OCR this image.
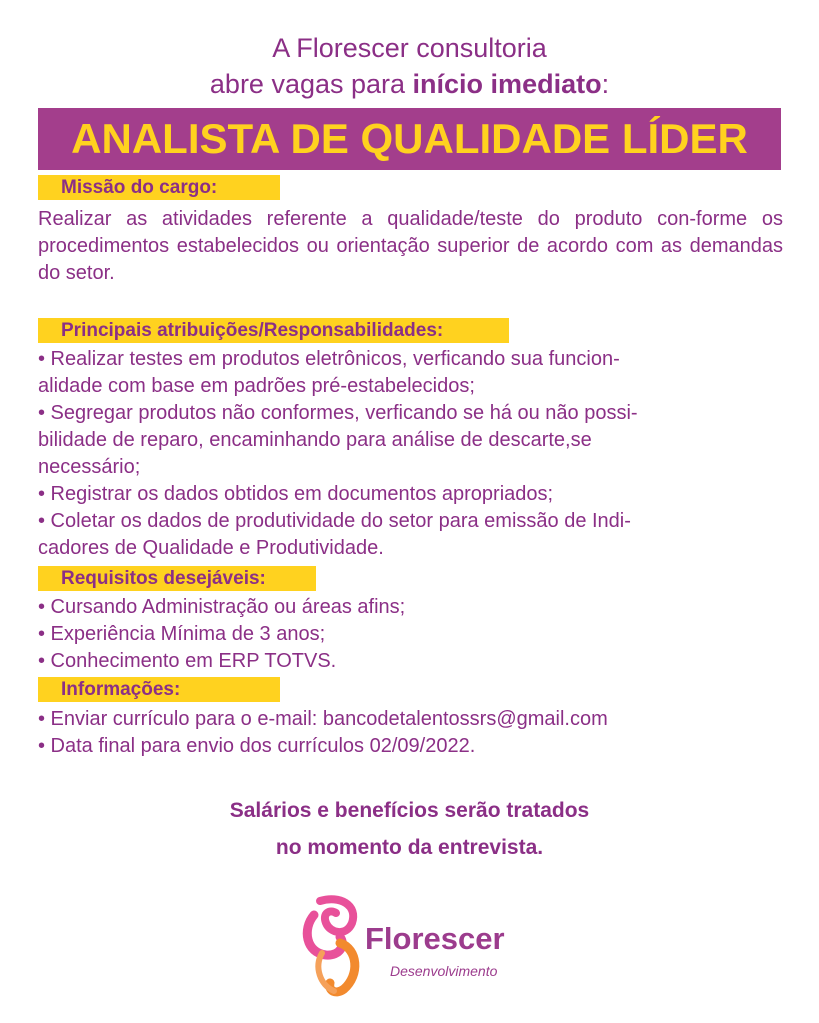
A Florescer consultoria
abre vagas para início imediato:
ANALISTA DE QUALIDADE LÍDER
Missão do cargo:
Realizar as atividades referente a qualidade/teste do produto con-forme os procedimentos estabelecidos ou orientação superior de acordo com as demandas do setor.
Principais atribuições/Responsabilidades:
• Realizar testes em produtos eletrônicos, verficando sua funcion-
alidade com base em padrões pré-estabelecidos;
• Segregar produtos não conformes, verficando se há ou não possi-
bilidade de reparo, encaminhando para análise de descarte,se
necessário;
• Registrar os dados obtidos em documentos apropriados;
• Coletar os dados de produtividade do setor para emissão de Indi-
cadores de Qualidade e Produtividade.
Requisitos desejáveis:
• Cursando Administração ou áreas afins;
• Experiência Mínima de 3 anos;
• Conhecimento em ERP TOTVS.
Informações:
• Enviar currículo para o e-mail: bancodetalentossrs@gmail.com
• Data final para envio dos currículos 02/09/2022.
Salários e benefícios serão tratados
no momento da entrevista.
Florescer
Desenvolvimento
